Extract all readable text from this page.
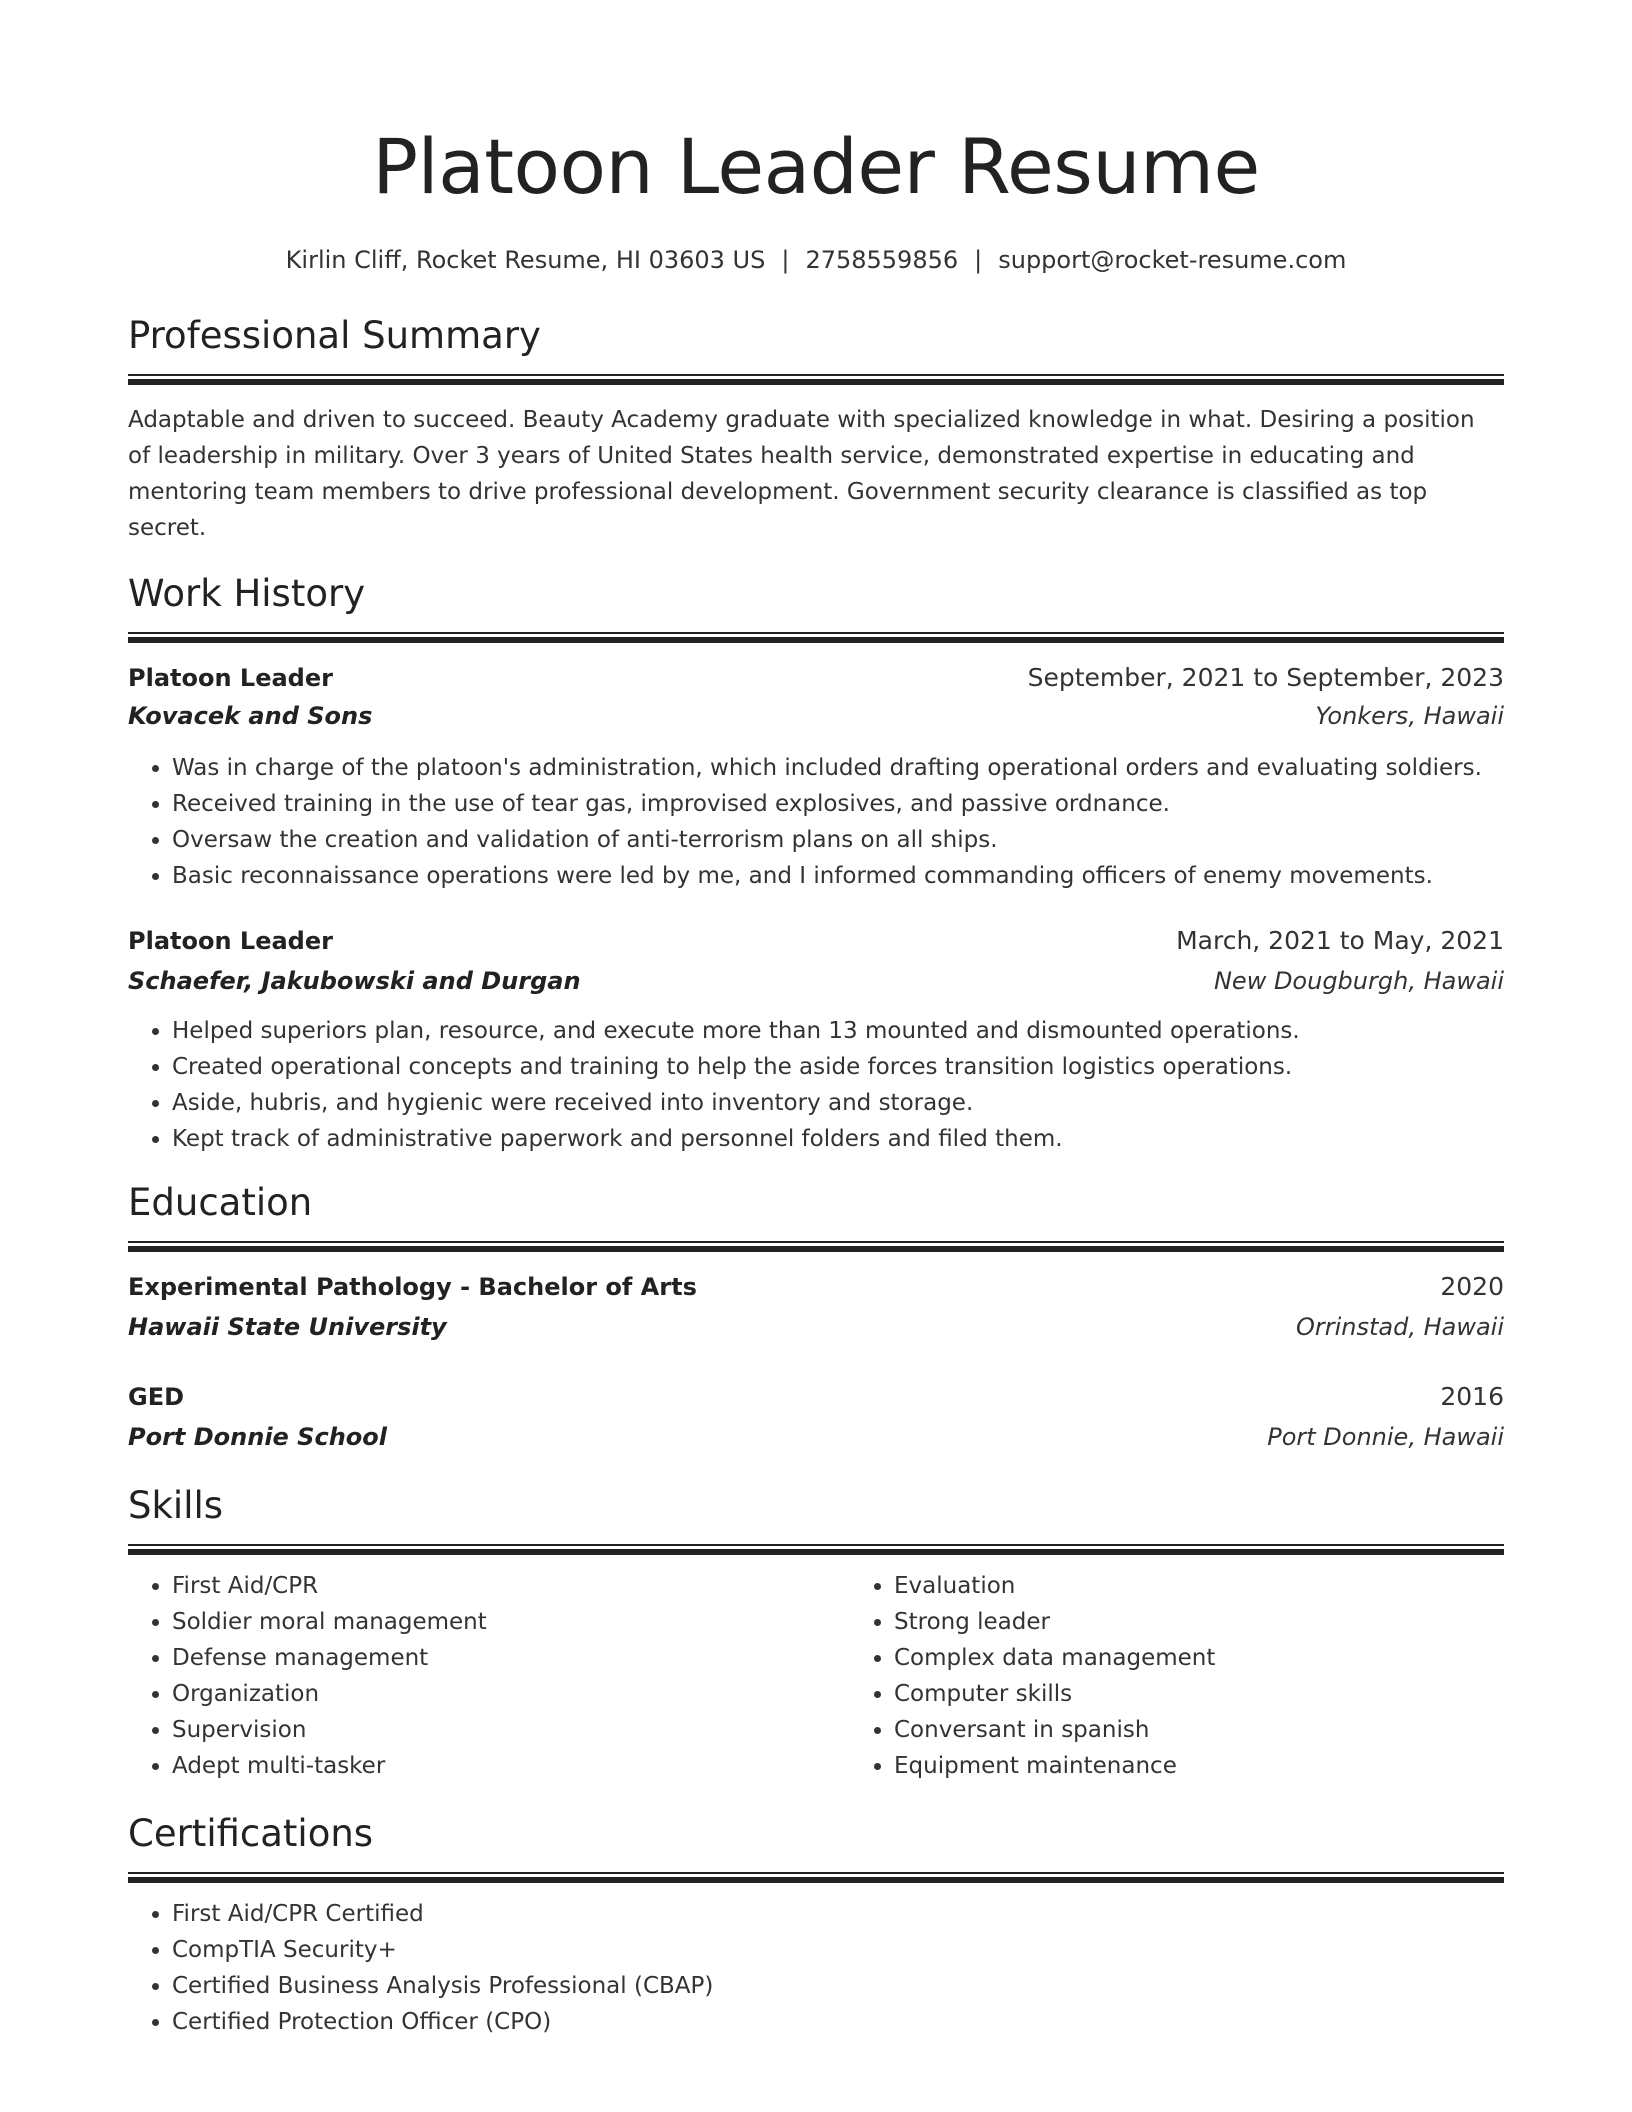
Platoon Leader Resume
Kirlin Cliff, Rocket Resume, HI 03603 US | 2758559856 | support@rocket-resume.com
Professional Summary

Adaptable and driven to succeed. Beauty Academy graduate with specialized knowledge in what. Desiring a position of leadership in military. Over 3 years of United States health service, demonstrated expertise in educating and mentoring team members to drive professional development. Government security clearance is classified as top secret.

Work History
Platoon Leader	September, 2021 to September, 2023
Kovacek and Sons	Yonkers, Hawaii
• Was in charge of the platoon's administration, which included drafting operational orders and evaluating soldiers.
• Received training in the use of tear gas, improvised explosives, and passive ordnance.
• Oversaw the creation and validation of anti-terrorism plans on all ships.
• Basic reconnaissance operations were led by me, and I informed commanding officers of enemy movements.
Platoon Leader	March, 2021 to May, 2021
Schaefer, Jakubowski and Durgan	New Dougburgh, Hawaii
• Helped superiors plan, resource, and execute more than 13 mounted and dismounted operations.
• Created operational concepts and training to help the aside forces transition logistics operations.
• Aside, hubris, and hygienic were received into inventory and storage.
• Kept track of administrative paperwork and personnel folders and filed them.
Education
Experimental Pathology - Bachelor of Arts	2020
Hawaii State University	Orrinstad, Hawaii
GED	2016
Port Donnie School	Port Donnie, Hawaii
Skills
• First Aid/CPR
• Soldier moral management
• Defense management
• Organization
• Supervision
• Adept multi-tasker
• Evaluation
• Strong leader
• Complex data management
• Computer skills
• Conversant in spanish
• Equipment maintenance
Certifications
• First Aid/CPR Certified
• CompTIA Security+
• Certified Business Analysis Professional (CBAP)
• Certified Protection Officer (CPO)
